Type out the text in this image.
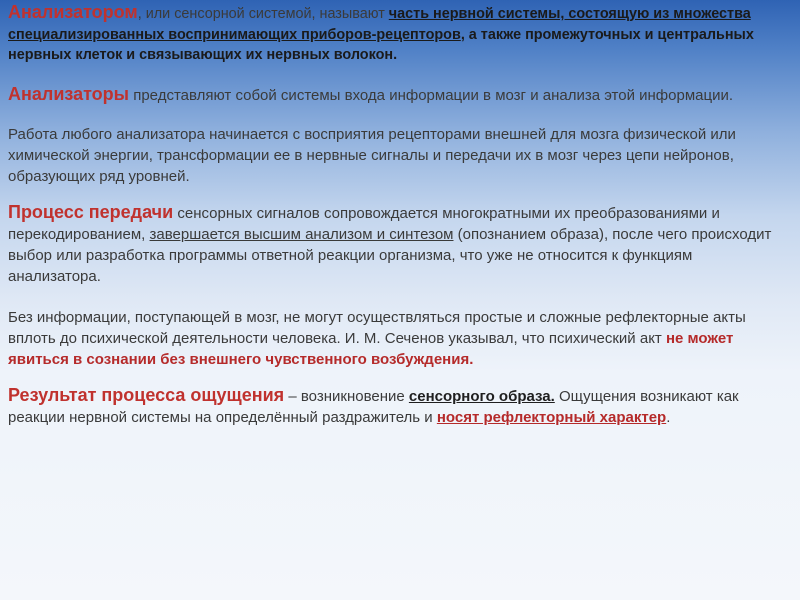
Анализатором, или сенсорной системой, называют часть нервной системы, состоящую из множества специализированных воспринимающих приборов-рецепторов, а также промежуточных и центральных нервных клеток и связывающих их нервных волокон.

Анализаторы представляют собой системы входа информации в мозг и анализа этой информации.

Работа любого анализатора начинается с восприятия рецепторами внешней для мозга физической или химической энергии, трансформации ее в нервные сигналы и передачи их в мозг через цепи нейронов, образующих ряд уровней.

Процесс передачи сенсорных сигналов сопровождается многократными их преобразованиями и перекодированием, завершается высшим анализом и синтезом (опознанием образа), после чего происходит выбор или разработка программы ответной реакции организма, что уже не относится к функциям анализатора.

Без информации, поступающей в мозг, не могут осуществляться простые и сложные рефлекторные акты вплоть до психической деятельности человека. И. М. Сеченов указывал, что психический акт не может явиться в сознании без внешнего чувственного возбуждения.

Результат процесса ощущения – возникновение сенсорного образа. Ощущения возникают как реакции нервной системы на определённый раздражитель и носят рефлекторный характер.
